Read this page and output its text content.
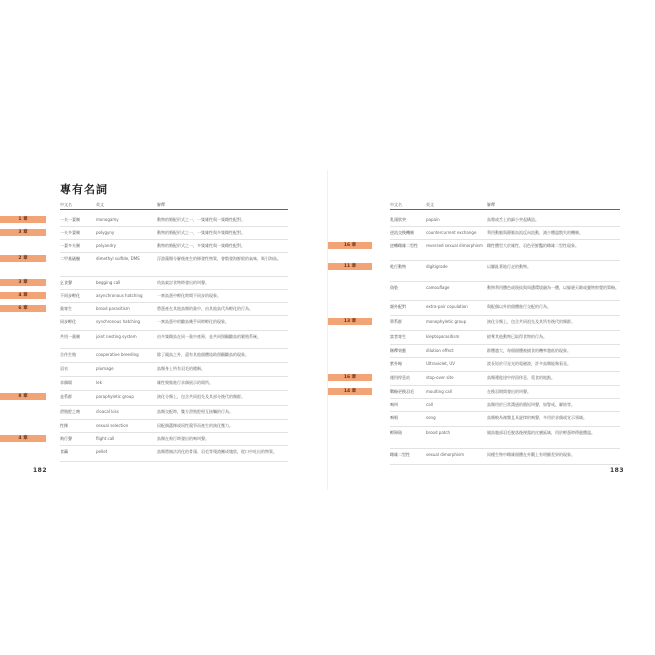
專有名詞
中文名	英文	解釋
一夫一妻制	monogamy	動物的婚配形式之一，一隻雄性與一隻雌性配對。
一夫多妻制	polygyny	動物的婚配形式之一，一隻雄性與多隻雌性配對。
一妻多夫制	polyandry	動物的婚配形式之一，多隻雄性與一隻雌性配對。
二甲基硫醚	dimethyl sulfide, DMS	浮游藻類分解後產生的揮發性物質，會散發海鮮般的氣味，吸引海鳥。
乞食聲	begging call	幼鳥索討食物時發出的叫聲。
不同步孵化	asynchronous hatching	一窩鳥蛋中孵化時間不同步的現象。
巢寄生	brood parasitism	將蛋產在其他鳥類的巢中，由其他鳥代為孵化的行為。
同步孵化	synchronous hatching	一窩鳥蛋中的雛鳥幾乎同時孵化的現象。
共用一巢制	joint nesting system	由多隻雌鳥在同一巢中產卵，並共同照顧雛鳥的繁殖系統。
合作生殖	cooperative breeding	除了親鳥之外，還有其他個體協助照顧雛鳥的現象。
羽衣	plumage	鳥類身上所有羽毛的總稱。
求偶場	lek	雄性聚集進行求偶展示的場所。
並系群	paraphyletic group	演化分類上，包含共同祖先及其部分後代的類群。
泄殖腔之吻	cloacal kiss	鳥類交配時，雙方泄殖腔相互接觸的行為。
性擇	sexual selection	因配偶選擇或同性競爭而產生的演化壓力。
飛行聲	flight call	鳥類在飛行時發出的鳴叫聲。
食繭	pellet	鳥類將無法消化的骨頭、羽毛等殘渣團成塊狀，從口中吐出的物質。
1 章
3 章
2 章
3 章
4 章
6 章
8 章
4 章
182
中文名	英文	解釋
乳頭狀突	papain	鳥喙或舌上的細小突起構造。
逆流交換機制	countercurrent exchange	利用動脈與靜脈血流反向流動，減少體溫散失的機制。
逆轉雌雄二型性 reversed sexual dimorphism 雌性體型大於雄性、羽色更鮮豔的雌雄二型性現象。
乾行動物	digitigrade	以腳趾著地行走的動物。
偽裝	camouflage	動物利用體色或斑紋與周遭環境融為一體，以躲避天敵或獵物察覺的策略。
額外配對	extra-pair copulation	與配偶以外的個體進行交配的行為。
單系群	monophyletic group	演化分類上，包含共同祖先及其所有後代的類群。
富者寄生	kleptoparasitism	搶奪其他動物已取得食物的行為。
稀釋效應	dilution effect	群體越大，每個個體被捕食的機率越低的現象。
紫外線	Ultraviolet, UV	波長短於可見光的電磁波，許多鳥類能夠看見。
運用停息站	stop-over site	鳥類遷徙途中停留休息、覓食的地點。
戰略更換羽毛	moulting call	在換羽期間發出的叫聲。
鳴叫	call	鳥類用於日常溝通的簡短叫聲，如警戒、聯絡等。
鳴唱	song	鳥類較為複雜且具旋律的鳴聲，多用於求偶或宣示領域。
孵卵斑	brood patch	親鳥腹部羽毛脫落後裸露的皮膚區域，用於孵蛋時傳遞體溫。
雌雄二型性	sexual dimorphism	同種生物中雌雄個體在外觀上有明顯差異的現象。
16 章
11 章
13 章
16 章
14 章
183
